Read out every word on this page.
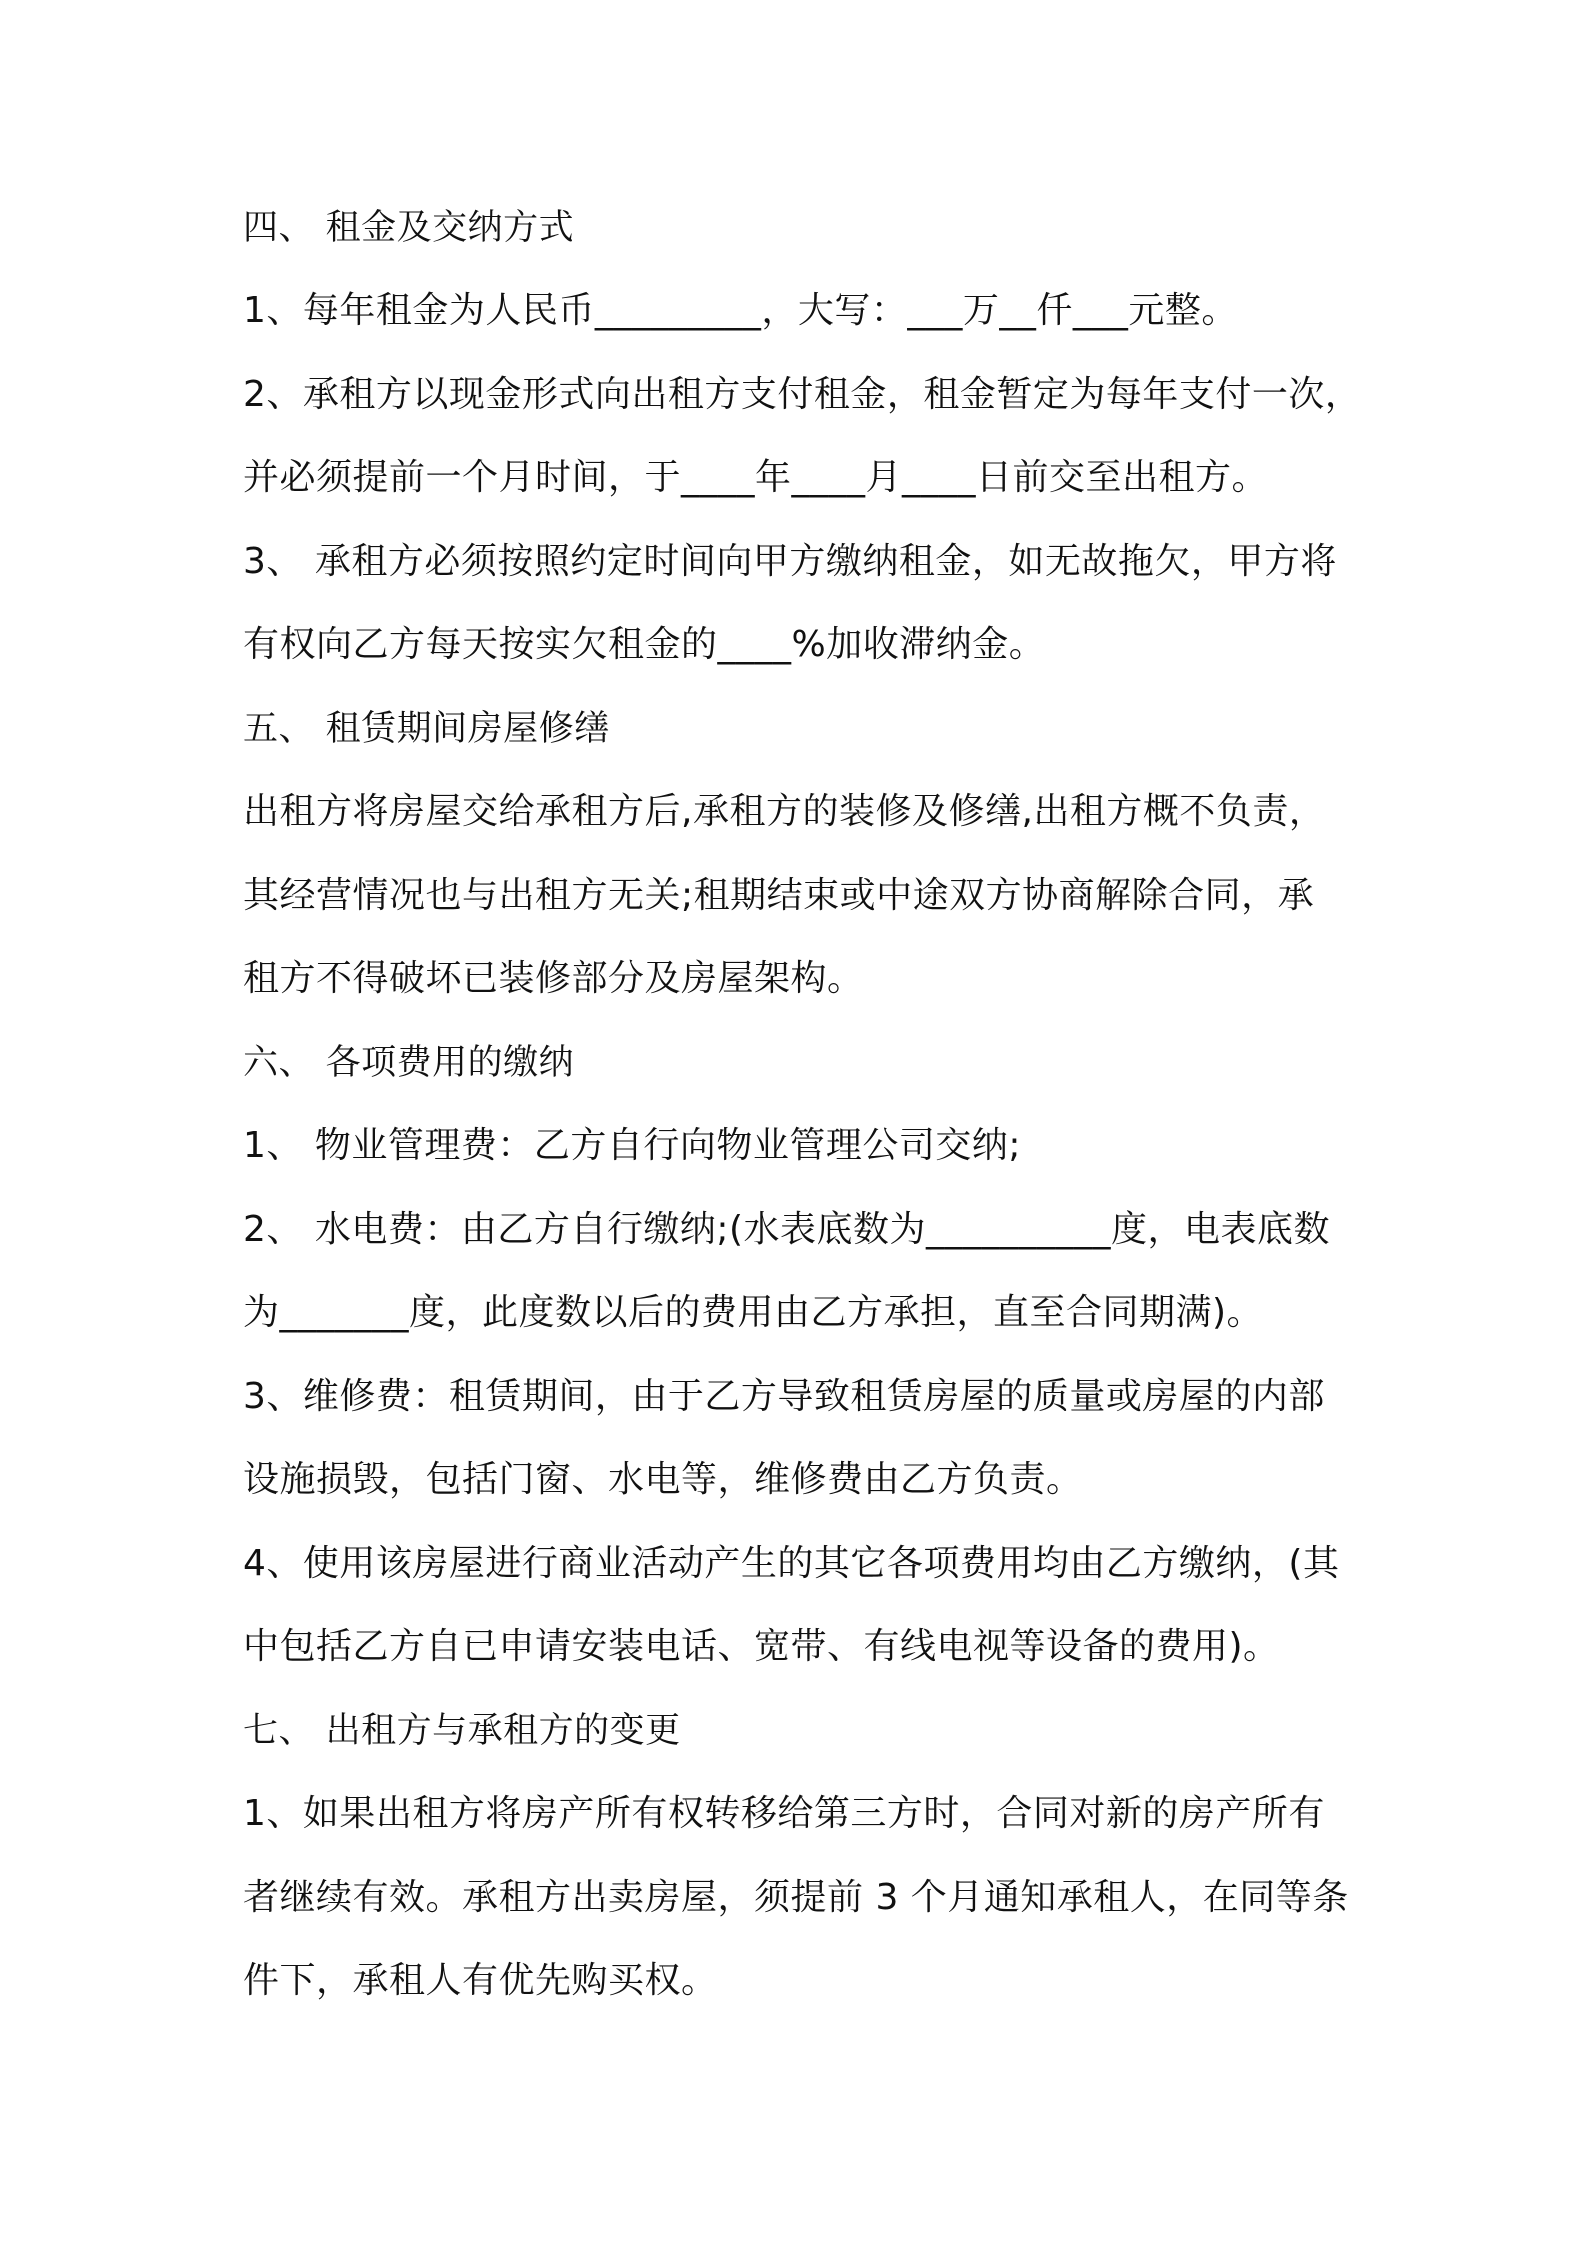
四、 租金及交纳方式
1、每年租金为人民币_________，大写：___万__仟___元整。
2、承租方以现金形式向出租方支付租金，租金暂定为每年支付一次，
并必须提前一个月时间，于____年____月____日前交至出租方。
3、 承租方必须按照约定时间向甲方缴纳租金，如无故拖欠，甲方将
有权向乙方每天按实欠租金的____%加收滞纳金。
五、 租赁期间房屋修缮
出租方将房屋交给承租方后,承租方的装修及修缮,出租方概不负责，
其经营情况也与出租方无关;租期结束或中途双方协商解除合同，承
租方不得破坏已装修部分及房屋架构。
六、 各项费用的缴纳
1、 物业管理费：乙方自行向物业管理公司交纳;
2、 水电费：由乙方自行缴纳;(水表底数为__________度，电表底数
为_______度，此度数以后的费用由乙方承担，直至合同期满)。
3、维修费：租赁期间，由于乙方导致租赁房屋的质量或房屋的内部
设施损毁，包括门窗、水电等，维修费由乙方负责。
4、使用该房屋进行商业活动产生的其它各项费用均由乙方缴纳，(其
中包括乙方自已申请安装电话、宽带、有线电视等设备的费用)。
七、 出租方与承租方的变更
1、如果出租方将房产所有权转移给第三方时，合同对新的房产所有
者继续有效。承租方出卖房屋，须提前 3 个月通知承租人，在同等条
件下，承租人有优先购买权。
